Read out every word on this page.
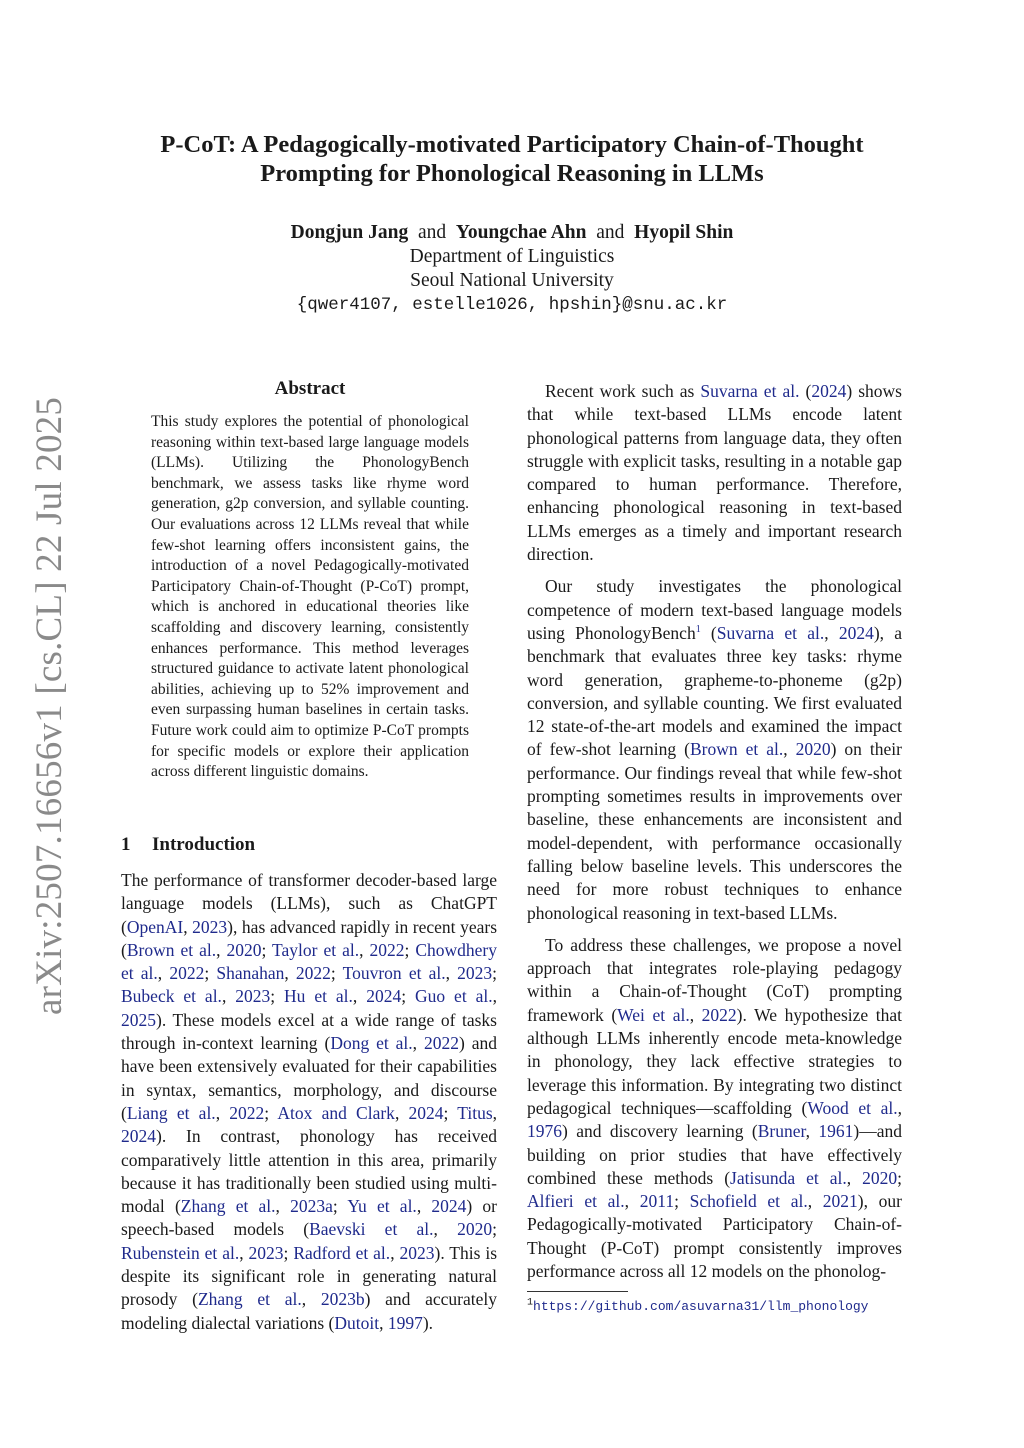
arXiv:2507.16656v1 [cs.CL] 22 Jul 2025
P-CoT: A Pedagogically-motivated Participatory Chain-of-Thought
Prompting for Phonological Reasoning in LLMs
Dongjun Jang and Youngchae Ahn and Hyopil Shin
Department of Linguistics
Seoul National University
{qwer4107, estelle1026, hpshin}@snu.ac.kr
Abstract
This study explores the potential of phonological reasoning within text-based large language models (LLMs). Utilizing the PhonologyBench benchmark, we assess tasks like rhyme word generation, g2p conversion, and syllable counting. Our evaluations across 12 LLMs reveal that while few-shot learning offers inconsistent gains, the introduction of a novel Pedagogically-motivated Participatory Chain-of-Thought (P-CoT) prompt, which is anchored in educational theories like scaffolding and discovery learning, consistently enhances performance. This method leverages structured guidance to activate latent phonological abilities, achieving up to 52% improvement and even surpassing human baselines in certain tasks. Future work could aim to optimize P-CoT prompts for specific models or explore their application across different linguistic domains.
1 Introduction
The performance of transformer decoder-based large language models (LLMs), such as ChatGPT (OpenAI, 2023), has advanced rapidly in recent years (Brown et al., 2020; Taylor et al., 2022; Chowdhery et al., 2022; Shanahan, 2022; Touvron et al., 2023; Bubeck et al., 2023; Hu et al., 2024; Guo et al., 2025). These models excel at a wide range of tasks through in-context learning (Dong et al., 2022) and have been extensively evaluated for their capabilities in syntax, semantics, morphology, and discourse (Liang et al., 2022; Atox and Clark, 2024; Titus, 2024). In contrast, phonology has received comparatively little attention in this area, primarily because it has traditionally been studied using multi-modal (Zhang et al., 2023a; Yu et al., 2024) or speech-based models (Baevski et al., 2020; Rubenstein et al., 2023; Radford et al., 2023). This is despite its significant role in generating natural prosody (Zhang et al., 2023b) and accurately modeling dialectal variations (Dutoit, 1997).

Recent work such as Suvarna et al. (2024) shows that while text-based LLMs encode latent phonological patterns from language data, they often struggle with explicit tasks, resulting in a notable gap compared to human performance. Therefore, enhancing phonological reasoning in text-based LLMs emerges as a timely and important research direction.

Our study investigates the phonological competence of modern text-based language models using PhonologyBench$^1$ (Suvarna et al., 2024), a benchmark that evaluates three key tasks: rhyme word generation, grapheme-to-phoneme (g2p) conversion, and syllable counting. We first evaluated 12 state-of-the-art models and examined the impact of few-shot learning (Brown et al., 2020) on their performance. Our findings reveal that while few-shot prompting sometimes results in improvements over baseline, these enhancements are inconsistent and model-dependent, with performance occasionally falling below baseline levels. This underscores the need for more robust techniques to enhance phonological reasoning in text-based LLMs.

To address these challenges, we propose a novel approach that integrates role-playing pedagogy within a Chain-of-Thought (CoT) prompting framework (Wei et al., 2022). We hypothesize that although LLMs inherently encode meta-knowledge in phonology, they lack effective strategies to leverage this information. By integrating two distinct pedagogical techniques—scaffolding (Wood et al., 1976) and discovery learning (Bruner, 1961)—and building on prior studies that have effectively combined these methods (Jatisunda et al., 2020; Alfieri et al., 2011; Schofield et al., 2021), our Pedagogically-motivated Participatory Chain-of-Thought (P-CoT) prompt consistently improves performance across all 12 models on the phonolog-

$^1$https://github.com/asuvarna31/llm_phonology
